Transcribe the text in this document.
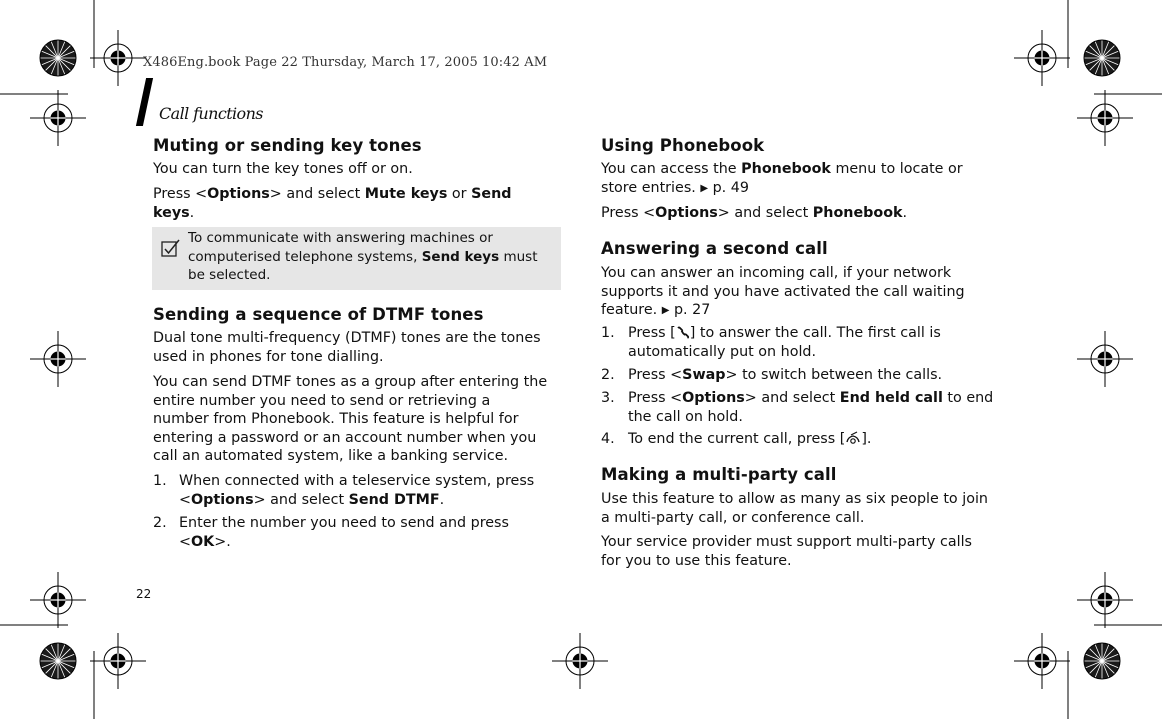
X486Eng.book Page 22 Thursday, March 17, 2005 10:42 AM
Call functions
Muting or sending key tones
You can turn the key tones off or on.
Press <Options> and select Mute keys or Send
keys.
To communicate with answering machines or
computerised telephone systems, Send keys must
be selected.
Sending a sequence of DTMF tones
Dual tone multi-frequency (DTMF) tones are the tones
used in phones for tone dialling.
You can send DTMF tones as a group after entering the
entire number you need to send or retrieving a
number from Phonebook. This feature is helpful for
entering a password or an account number when you
call an automated system, like a banking service.
1. When connected with a teleservice system, press
<Options> and select Send DTMF.
2. Enter the number you need to send and press
<OK>.
Using Phonebook
You can access the Phonebook menu to locate or
store entries. ▶ p. 49
Press <Options> and select Phonebook.
Answering a second call
You can answer an incoming call, if your network
supports it and you have activated the call waiting
feature. ▶ p. 27
1. Press [ ] to answer the call. The first call is
automatically put on hold.
2. Press <Swap> to switch between the calls.
3. Press <Options> and select End held call to end
the call on hold.
4. To end the current call, press [ ].
Making a multi-party call
Use this feature to allow as many as six people to join
a multi-party call, or conference call.
Your service provider must support multi-party calls
for you to use this feature.
22
